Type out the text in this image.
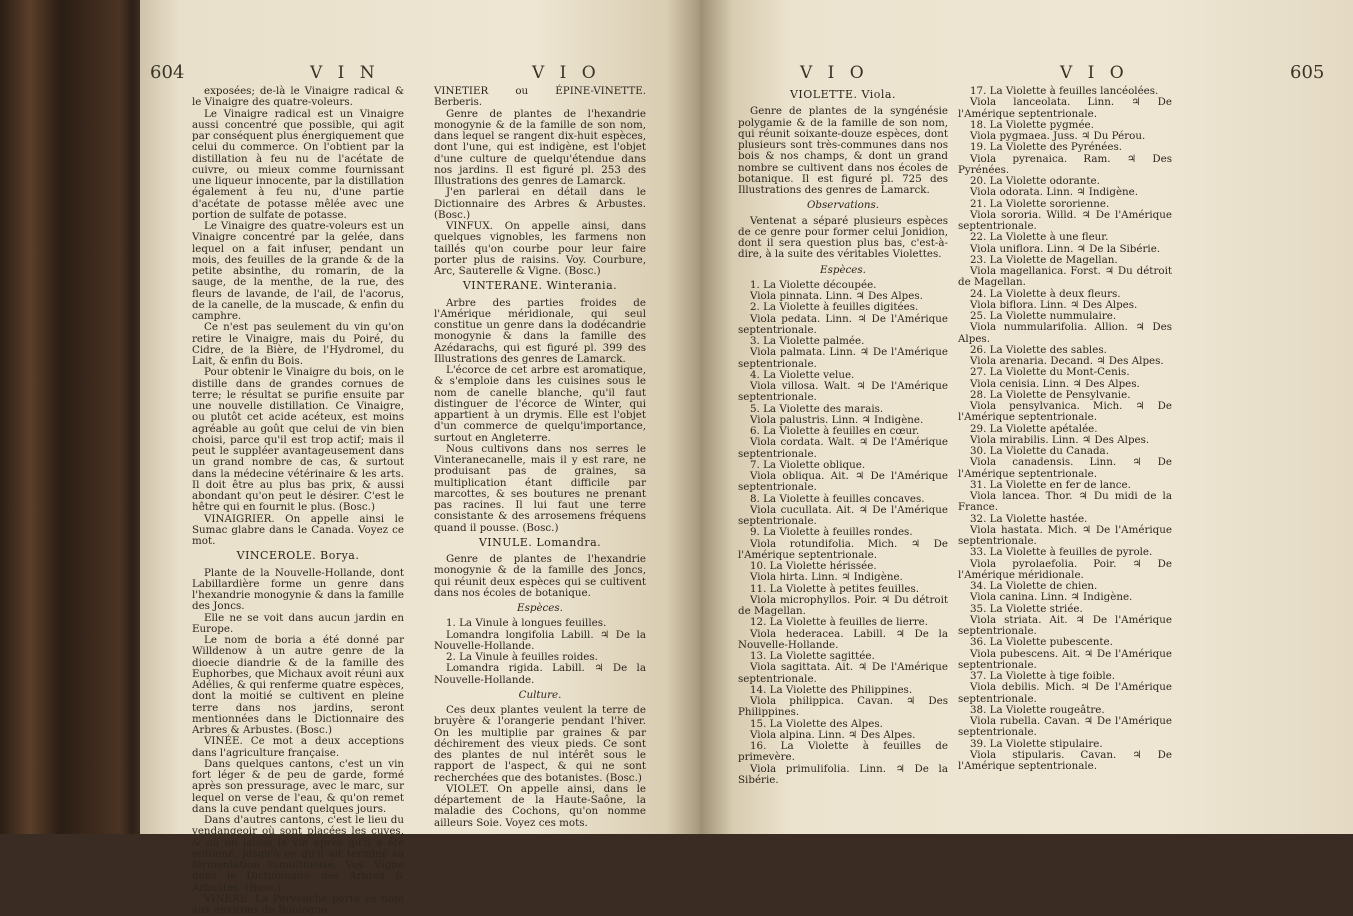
604	V I N	V I O

exposées; de-là le Vinaigre radical & le Vinaigre des quatre-voleurs.

Le Vinaigre radical est un Vinaigre aussi concentré que possible, qui agit par conséquent plus énergiquement que celui du commerce. On l'obtient par la distillation à feu nu de l'acétate de cuivre, ou mieux comme fournissant une liqueur innocente, par la distillation également à feu nu, d'une partie d'acétate de potasse mêlée avec une portion de sulfate de potasse.

Le Vinaigre des quatre-voleurs est un Vinaigre concentré par la gelée, dans lequel on a fait infuser, pendant un mois, des feuilles de la grande & de la petite absinthe, du romarin, de la sauge, de la menthe, de la rue, des fleurs de lavande, de l'ail, de l'acorus, de la canelle, de la muscade, & enfin du camphre.

Ce n'est pas seulement du vin qu'on retire le Vinaigre, mais du Poiré, du Cidre, de la Bière, de l'Hydromel, du Lait, & enfin du Bois.

Pour obtenir le Vinaigre du bois, on le distille dans de grandes cornues de terre; le résultat se purifie ensuite par une nouvelle distillation. Ce Vinaigre, ou plutôt cet acide acéteux, est moins agréable au goût que celui de vin bien choisi, parce qu'il est trop actif; mais il peut le suppléer avantageusement dans un grand nombre de cas, & surtout dans la médecine vétérinaire & les arts. Il doit être au plus bas prix, & aussi abondant qu'on peut le désirer. C'est le hêtre qui en fournit le plus. (Bosc.)

VINAIGRIER. On appelle ainsi le Sumac glabre dans le Canada. Voyez ce mot.

VINCEROLE. Borya.

Plante de la Nouvelle-Hollande, dont Labillardière forme un genre dans l'hexandrie monogynie & dans la famille des Joncs.

Elle ne se voit dans aucun jardin en Europe.

Le nom de boria a été donné par Willdenow à un autre genre de la dioecie diandrie & de la famille des Euphorbes, que Michaux avoit réuni aux Adélies, & qui renferme quatre espèces, dont la moitié se cultivent en pleine terre dans nos jardins, seront mentionnées dans le Dictionnaire des Arbres & Arbustes. (Bosc.)

VINÉE. Ce mot a deux acceptions dans l'agriculture française.

Dans quelques cantons, c'est un vin fort léger & de peu de garde, formé après son pressurage, avec le marc, sur lequel on verse de l'eau, & qu'on remet dans la cuve pendant quelques jours.

Dans d'autres cantons, c'est le lieu du vendangeoir où sont placées les cuves, & où on laisse le vin après qu'il a été entonné, jusqu'à ce qu'il ait terminé sa fermentation tumultueuse. Voy. Vigne dans le Dictionnaire des Arbres & Arbustes. (Bosc.)

VINÈRE. La Pervenche porte ce nom aux environs de Boulogne.

VINETIER ou ÉPINE-VINETTE. Berberis.

Genre de plantes de l'hexandrie monogynie & de la famille de son nom, dans lequel se rangent dix-huit espèces, dont l'une, qui est indigène, est l'objet d'une culture de quelqu'étendue dans nos jardins. Il est figuré pl. 253 des Illustrations des genres de Lamarck.

J'en parlerai en détail dans le Dictionnaire des Arbres & Arbustes. (Bosc.)

VINFUX. On appelle ainsi, dans quelques vignobles, les farmens non taillés qu'on courbe pour leur faire porter plus de raisins. Voy. Courbure, Arc, Sauterelle & Vigne. (Bosc.)

VINTERANE. Winterania.

Arbre des parties froides de l'Amérique méridionale, qui seul constitue un genre dans la dodécandrie monogynie & dans la famille des Azédarachs, qui est figuré pl. 399 des Illustrations des genres de Lamarck.

L'écorce de cet arbre est aromatique, & s'emploie dans les cuisines sous le nom de canelle blanche, qu'il faut distinguer de l'écorce de Winter, qui appartient à un drymis. Elle est l'objet d'un commerce de quelqu'importance, surtout en Angleterre.

Nous cultivons dans nos serres le Vinteranecanelle, mais il y est rare, ne produisant pas de graines, sa multiplication étant difficile par marcottes, & ses boutures ne prenant pas racines. Il lui faut une terre consistante & des arrosemens fréquens quand il pousse. (Bosc.)

VINULE. Lomandra.

Genre de plantes de l'hexandrie monogynie & de la famille des Joncs, qui réunit deux espèces qui se cultivent dans nos écoles de botanique.

Espèces.

1. La Vinule à longues feuilles.

Lomandra longifolia Labill. ♃ De la Nouvelle-Hollande.

2. La Vinule à feuilles roides.

Lomandra rigida. Labill. ♃ De la Nouvelle-Hollande.

Culture.

Ces deux plantes veulent la terre de bruyère & l'orangerie pendant l'hiver. On les multiplie par graines & par déchirement des vieux pieds. Ce sont des plantes de nul intérêt sous le rapport de l'aspect, & qui ne sont recherchées que des botanistes. (Bosc.)

VIOLET. On appelle ainsi, dans le département de la Haute-Saône, la maladie des Cochons, qu'on nomme ailleurs Soie. Voyez ces mots.

V I O	V I O	605

VIOLETTE. Viola.

Genre de plantes de la syngénésie polygamie & de la famille de son nom, qui réunit soixante-douze espèces, dont plusieurs sont très-communes dans nos bois & nos champs, & dont un grand nombre se cultivent dans nos écoles de botanique. Il est figuré pl. 725 des Illustrations des genres de Lamarck.

Observations.

Ventenat a séparé plusieurs espèces de ce genre pour former celui Jonidion, dont il sera question plus bas, c'est-à-dire, à la suite des véritables Violettes.

Espèces.

1. La Violette découpée.

Viola pinnata. Linn. ♃ Des Alpes.

2. La Violette à feuilles digitées.

Viola pedata. Linn. ♃ De l'Amérique septentrionale.

3. La Violette palmée.

Viola palmata. Linn. ♃ De l'Amérique septentrionale.

4. La Violette velue.

Viola villosa. Walt. ♃ De l'Amérique septentrionale.

5. La Violette des marais.

Viola palustris. Linn. ♃ Indigène.

6. La Violette à feuilles en cœur.

Viola cordata. Walt. ♃ De l'Amérique septentrionale.

7. La Violette oblique.

Viola obliqua. Ait. ♃ De l'Amérique septentrionale.

8. La Violette à feuilles concaves.

Viola cucullata. Ait. ♃ De l'Amérique septentrionale.

9. La Violette à feuilles rondes.

Viola rotundifolia. Mich. ♃ De l'Amérique septentrionale.

10. La Violette hérissée.

Viola hirta. Linn. ♃ Indigène.

11. La Violette à petites feuilles.

Viola microphyllos. Poir. ♃ Du détroit de Magellan.

12. La Violette à feuilles de lierre.

Viola hederacea. Labill. ♃ De la Nouvelle-Hollande.

13. La Violette sagittée.

Viola sagittata. Ait. ♃ De l'Amérique septentrionale.

14. La Violette des Philippines.

Viola philippica. Cavan. ♃ Des Philippines.

15. La Violette des Alpes.

Viola alpina. Linn. ♃ Des Alpes.

16. La Violette à feuilles de primevère.

Viola primulifolia. Linn. ♃ De la Sibérie.

17. La Violette à feuilles lancéolées.

Viola lanceolata. Linn. ♃ De l'Amérique septentrionale.

18. La Violette pygmée.

Viola pygmaea. Juss. ♃ Du Pérou.

19. La Violette des Pyrénées.

Viola pyrenaica. Ram. ♃ Des Pyrénées.

20. La Violette odorante.

Viola odorata. Linn. ♃ Indigène.

21. La Violette sororienne.

Viola sororia. Willd. ♃ De l'Amérique septentrionale.

22. La Violette à une fleur.

Viola uniflora. Linn. ♃ De la Sibérie.

23. La Violette de Magellan.

Viola magellanica. Forst. ♃ Du détroit de Magellan.

24. La Violette à deux fleurs.

Viola biflora. Linn. ♃ Des Alpes.

25. La Violette nummulaire.

Viola nummularifolia. Allion. ♃ Des Alpes.

26. La Violette des sables.

Viola arenaria. Decand. ♃ Des Alpes.

27. La Violette du Mont-Cenis.

Viola cenisia. Linn. ♃ Des Alpes.

28. La Violette de Pensylvanie.

Viola pensylvanica. Mich. ♃ De l'Amérique septentrionale.

29. La Violette apétalée.

Viola mirabilis. Linn. ♃ Des Alpes.

30. La Violette du Canada.

Viola canadensis. Linn. ♃ De l'Amérique septentrionale.

31. La Violette en fer de lance.

Viola lancea. Thor. ♃ Du midi de la France.

32. La Violette hastée.

Viola hastata. Mich. ♃ De l'Amérique septentrionale.

33. La Violette à feuilles de pyrole.

Viola pyrolaefolia. Poir. ♃ De l'Amérique méridionale.

34. La Violette de chien.

Viola canina. Linn. ♃ Indigène.

35. La Violette striée.

Viola striata. Ait. ♃ De l'Amérique septentrionale.

36. La Violette pubescente.

Viola pubescens. Ait. ♃ De l'Amérique septentrionale.

37. La Violette à tige foible.

Viola debilis. Mich. ♃ De l'Amérique septentrionale.

38. La Violette rougeâtre.

Viola rubella. Cavan. ♃ De l'Amérique septentrionale.

39. La Violette stipulaire.

Viola stipularis. Cavan. ♃ De l'Amérique septentrionale.
